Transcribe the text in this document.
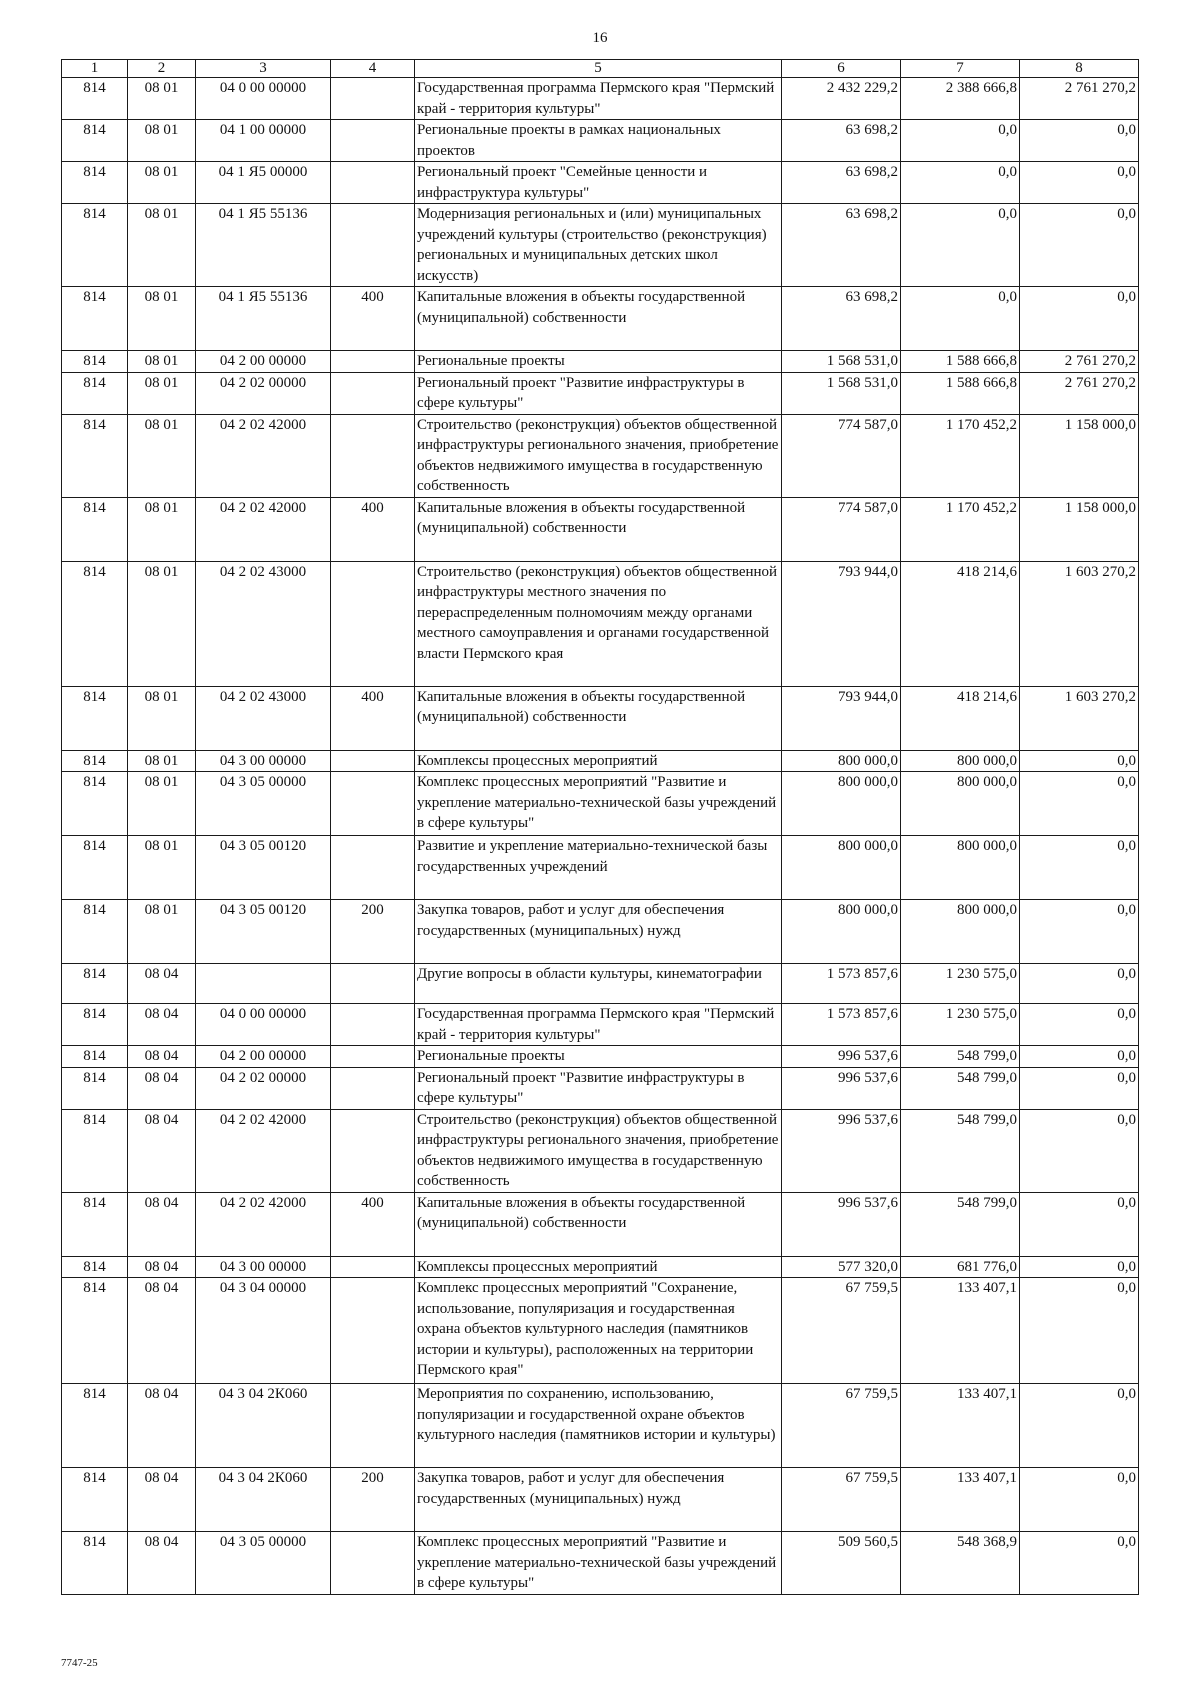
16
1	2	3	4	5	6	7	8
814	08 01	04 0 00 00000		Государственная программа Пермского края "Пермский край - территория культуры"	2 432 229,2	2 388 666,8	2 761 270,2
814	08 01	04 1 00 00000		Региональные проекты в рамках национальных проектов	63 698,2	0,0	0,0
814	08 01	04 1 Я5 00000		Региональный проект "Семейные ценности и инфраструктура культуры"	63 698,2	0,0	0,0
814	08 01	04 1 Я5 55136		Модернизация региональных и (или) муниципальных учреждений культуры (строительство (реконструкция) региональных и муниципальных детских школ искусств)	63 698,2	0,0	0,0
814	08 01	04 1 Я5 55136	400	Капитальные вложения в объекты государственной (муниципальной) собственности	63 698,2	0,0	0,0
814	08 01	04 2 00 00000		Региональные проекты	1 568 531,0	1 588 666,8	2 761 270,2
814	08 01	04 2 02 00000		Региональный проект "Развитие инфраструктуры в сфере культуры"	1 568 531,0	1 588 666,8	2 761 270,2
814	08 01	04 2 02 42000		Строительство (реконструкция) объектов общественной инфраструктуры регионального значения, приобретение объектов недвижимого имущества в государственную собственность	774 587,0	1 170 452,2	1 158 000,0
814	08 01	04 2 02 42000	400	Капитальные вложения в объекты государственной (муниципальной) собственности	774 587,0	1 170 452,2	1 158 000,0
814	08 01	04 2 02 43000		Строительство (реконструкция) объектов общественной инфраструктуры местного значения по перераспределенным полномочиям между органами местного самоуправления и органами государственной власти Пермского края	793 944,0	418 214,6	1 603 270,2
814	08 01	04 2 02 43000	400	Капитальные вложения в объекты государственной (муниципальной) собственности	793 944,0	418 214,6	1 603 270,2
814	08 01	04 3 00 00000		Комплексы процессных мероприятий	800 000,0	800 000,0	0,0
814	08 01	04 3 05 00000		Комплекс процессных мероприятий "Развитие и укрепление материально-технической базы учреждений в сфере культуры"	800 000,0	800 000,0	0,0
814	08 01	04 3 05 00120		Развитие и укрепление материально-технической базы государственных учреждений	800 000,0	800 000,0	0,0
814	08 01	04 3 05 00120	200	Закупка товаров, работ и услуг для обеспечения государственных (муниципальных) нужд	800 000,0	800 000,0	0,0
814	08 04			Другие вопросы в области культуры, кинематографии	1 573 857,6	1 230 575,0	0,0
814	08 04	04 0 00 00000		Государственная программа Пермского края "Пермский край - территория культуры"	1 573 857,6	1 230 575,0	0,0
814	08 04	04 2 00 00000		Региональные проекты	996 537,6	548 799,0	0,0
814	08 04	04 2 02 00000		Региональный проект "Развитие инфраструктуры в сфере культуры"	996 537,6	548 799,0	0,0
814	08 04	04 2 02 42000		Строительство (реконструкция) объектов общественной инфраструктуры регионального значения, приобретение объектов недвижимого имущества в государственную собственность	996 537,6	548 799,0	0,0
814	08 04	04 2 02 42000	400	Капитальные вложения в объекты государственной (муниципальной) собственности	996 537,6	548 799,0	0,0
814	08 04	04 3 00 00000		Комплексы процессных мероприятий	577 320,0	681 776,0	0,0
814	08 04	04 3 04 00000		Комплекс процессных мероприятий "Сохранение, использование, популяризация и государственная охрана объектов культурного наследия (памятников истории и культуры), расположенных на территории Пермского края"	67 759,5	133 407,1	0,0
814	08 04	04 3 04 2К060		Мероприятия по сохранению, использованию, популяризации и государственной охране объектов культурного наследия (памятников истории и культуры)	67 759,5	133 407,1	0,0
814	08 04	04 3 04 2К060	200	Закупка товаров, работ и услуг для обеспечения государственных (муниципальных) нужд	67 759,5	133 407,1	0,0
814	08 04	04 3 05 00000		Комплекс процессных мероприятий "Развитие и укрепление материально-технической базы учреждений в сфере культуры"	509 560,5	548 368,9	0,0
7747-25
